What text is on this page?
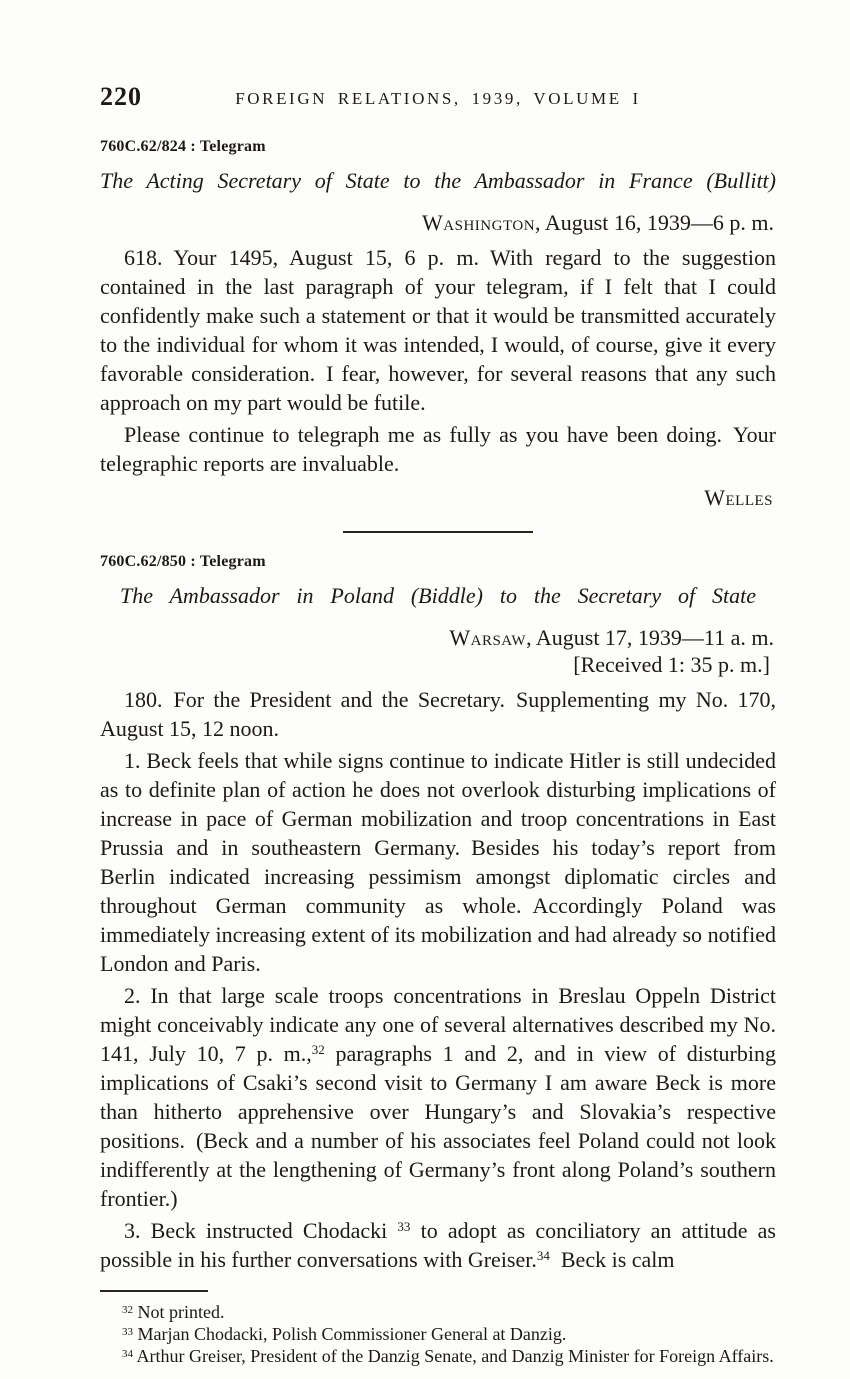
220	FOREIGN RELATIONS, 1939, VOLUME I
760C.62/824 : Telegram
The Acting Secretary of State to the Ambassador in France (Bullitt)
Washington, August 16, 1939—6 p. m.

618. Your 1495, August 15, 6 p. m. With regard to the suggestion contained in the last paragraph of your telegram, if I felt that I could confidently make such a statement or that it would be transmitted accurately to the individual for whom it was intended, I would, of course, give it every favorable consideration. I fear, however, for several reasons that any such approach on my part would be futile.

Please continue to telegraph me as fully as you have been doing. Your telegraphic reports are invaluable.

Welles
760C.62/850 : Telegram
The Ambassador in Poland (Biddle) to the Secretary of State
Warsaw, August 17, 1939—11 a. m.
[Received 1: 35 p. m.]

180. For the President and the Secretary. Supplementing my No. 170, August 15, 12 noon.

1. Beck feels that while signs continue to indicate Hitler is still undecided as to definite plan of action he does not overlook disturbing implications of increase in pace of German mobilization and troop concentrations in East Prussia and in southeastern Germany. Besides his today’s report from Berlin indicated increasing pessimism amongst diplomatic circles and throughout German community as whole. Accordingly Poland was immediately increasing extent of its mobilization and had already so notified London and Paris.

2. In that large scale troops concentrations in Breslau Oppeln District might conceivably indicate any one of several alternatives described my No. 141, July 10, 7 p. m.,$^{32}$ paragraphs 1 and 2, and in view of disturbing implications of Csaki’s second visit to Germany I am aware Beck is more than hitherto apprehensive over Hungary’s and Slovakia’s respective positions. (Beck and a number of his associates feel Poland could not look indifferently at the lengthening of Germany’s front along Poland’s southern frontier.)

3. Beck instructed Chodacki $^{33}$ to adopt as conciliatory an attitude as possible in his further conversations with Greiser.$^{34}$ Beck is calm

$^{32}$ Not printed.

$^{33}$ Marjan Chodacki, Polish Commissioner General at Danzig.

$^{34}$ Arthur Greiser, President of the Danzig Senate, and Danzig Minister for Foreign Affairs.
